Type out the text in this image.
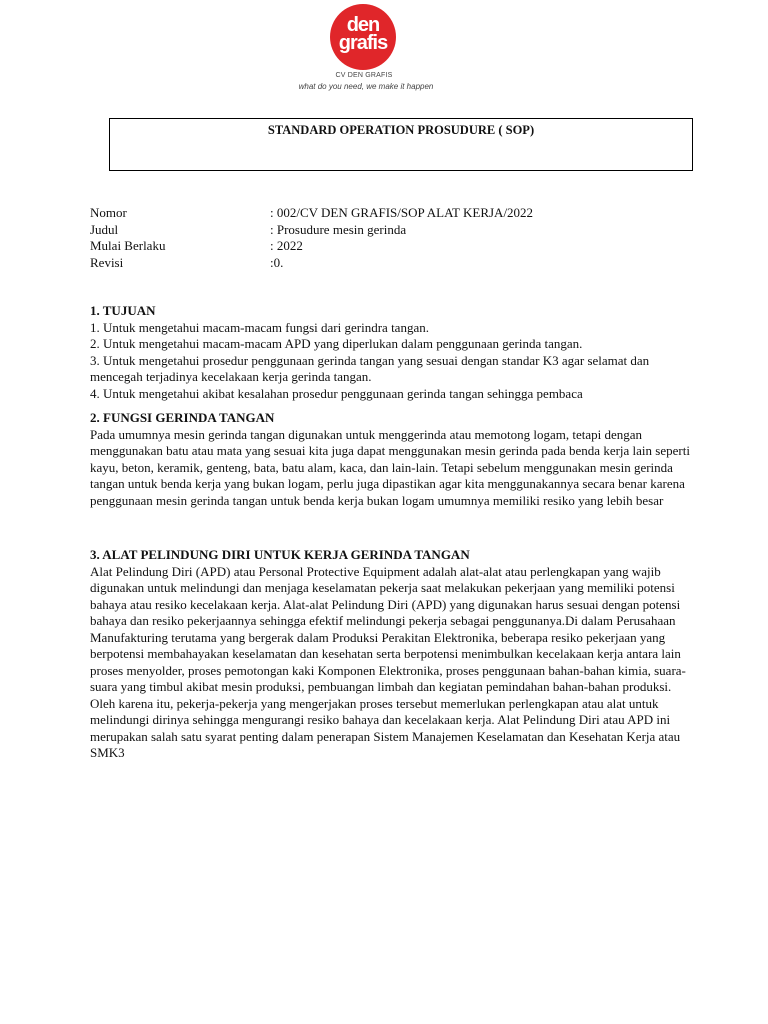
den
grafis
CV DEN GRAFIS
what do you need, we make it happen
STANDARD OPERATION PROSUDURE ( SOP)
Nomor	: 002/CV DEN GRAFIS/SOP ALAT KERJA/2022
Judul	: Prosudure mesin gerinda
Mulai Berlaku	: 2022
Revisi	:0.
1. TUJUAN

1. Untuk mengetahui macam-macam fungsi dari gerindra tangan.

2. Untuk mengetahui macam-macam APD yang diperlukan dalam penggunaan gerinda tangan.

3. Untuk mengetahui prosedur penggunaan gerinda tangan yang sesuai dengan standar K3 agar selamat dan mencegah terjadinya kecelakaan kerja gerinda tangan.

4. Untuk mengetahui akibat kesalahan prosedur penggunaan gerinda tangan sehingga pembaca

2. FUNGSI GERINDA TANGAN

Pada umumnya mesin gerinda tangan digunakan untuk menggerinda atau memotong logam, tetapi dengan menggunakan batu atau mata yang sesuai kita juga dapat menggunakan mesin gerinda pada benda kerja lain seperti kayu, beton, keramik, genteng, bata, batu alam, kaca, dan lain-lain. Tetapi sebelum menggunakan mesin gerinda tangan untuk benda kerja yang bukan logam, perlu juga dipastikan agar kita menggunakannya secara benar karena penggunaan mesin gerinda tangan untuk benda kerja bukan logam umumnya memiliki resiko yang lebih besar

3. ALAT PELINDUNG DIRI UNTUK KERJA GERINDA TANGAN

Alat Pelindung Diri (APD) atau Personal Protective Equipment adalah alat-alat atau perlengkapan yang wajib digunakan untuk melindungi dan menjaga keselamatan pekerja saat melakukan pekerjaan yang memiliki potensi bahaya atau resiko kecelakaan kerja. Alat-alat Pelindung Diri (APD) yang digunakan harus sesuai dengan potensi bahaya dan resiko pekerjaannya sehingga efektif melindungi pekerja sebagai penggunanya.Di dalam Perusahaan Manufakturing terutama yang bergerak dalam Produksi Perakitan Elektronika, beberapa resiko pekerjaan yang berpotensi membahayakan keselamatan dan kesehatan serta berpotensi menimbulkan kecelakaan kerja antara lain proses menyolder, proses pemotongan kaki Komponen Elektronika, proses penggunaan bahan-bahan kimia, suara-suara yang timbul akibat mesin produksi, pembuangan limbah dan kegiatan pemindahan bahan-bahan produksi. Oleh karena itu, pekerja-pekerja yang mengerjakan proses tersebut memerlukan perlengkapan atau alat untuk melindungi dirinya sehingga mengurangi resiko bahaya dan kecelakaan kerja. Alat Pelindung Diri atau APD ini merupakan salah satu syarat penting dalam penerapan Sistem Manajemen Keselamatan dan Kesehatan Kerja atau SMK3
